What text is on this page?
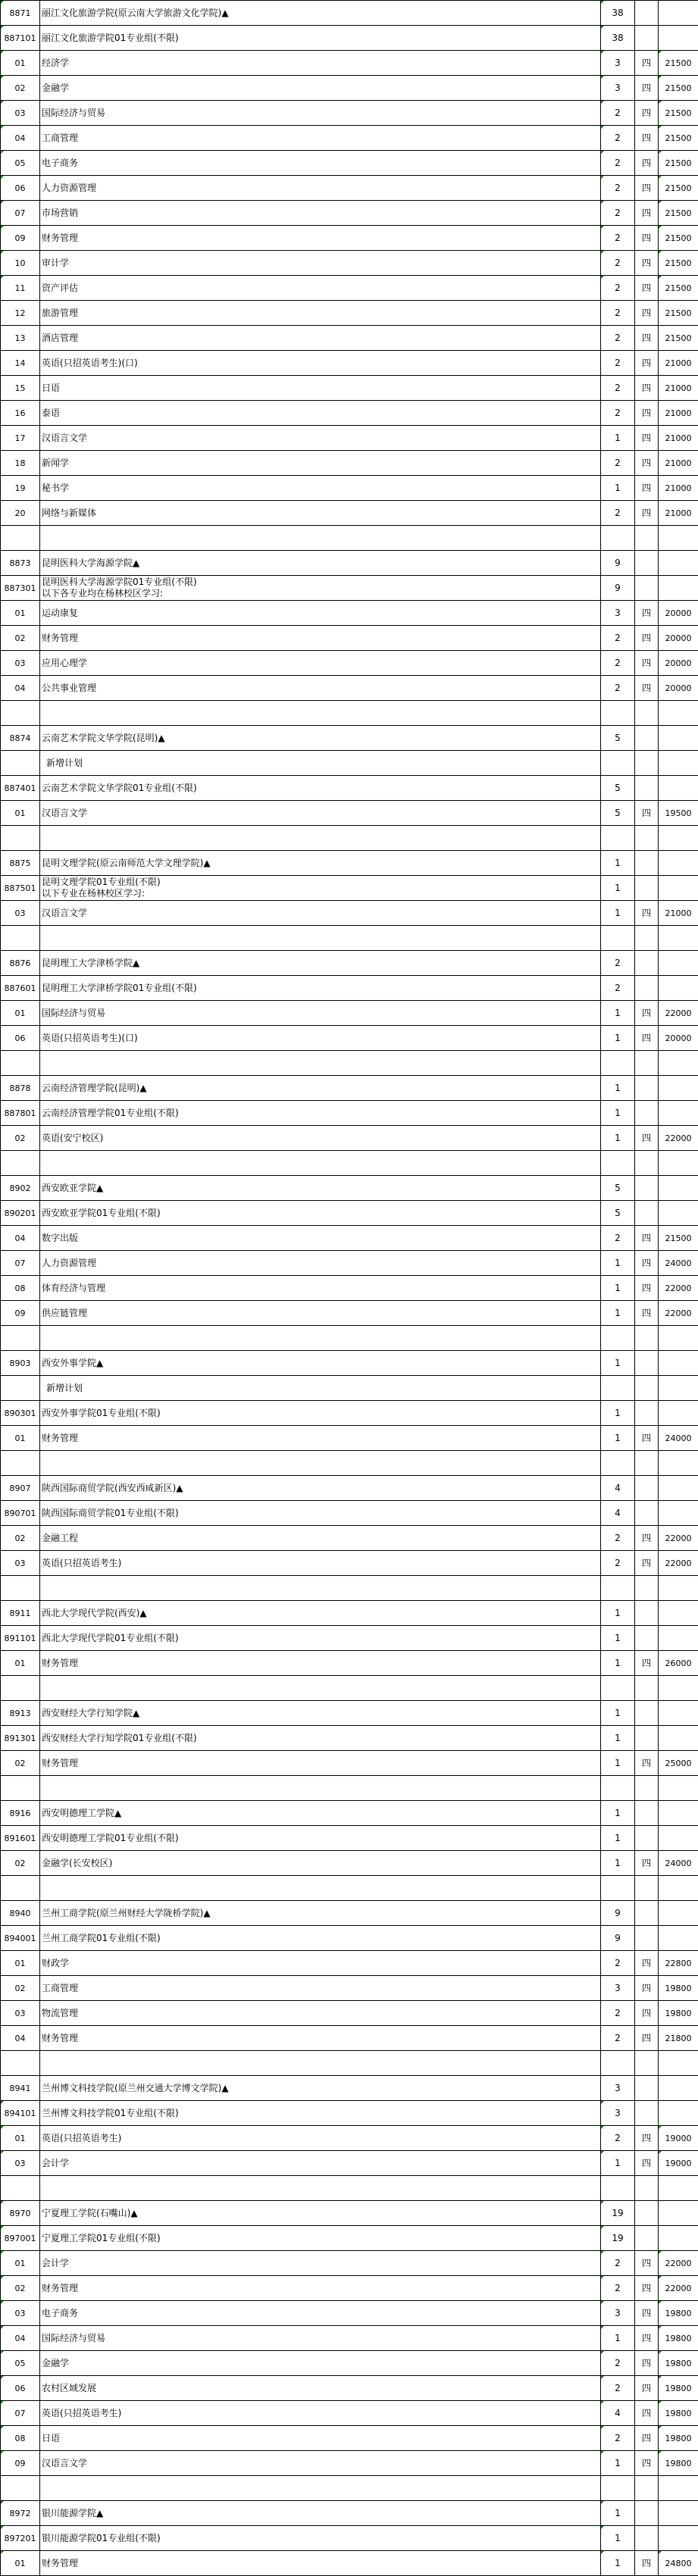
8871	丽江文化旅游学院(原云南大学旅游文化学院)▲	38		
887101	丽江文化旅游学院01专业组(不限)	38		
01	经济学	3	四	21500
02	金融学	3	四	21500
03	国际经济与贸易	2	四	21500
04	工商管理	2	四	21500
05	电子商务	2	四	21500
06	人力资源管理	2	四	21500
07	市场营销	2	四	21500
09	财务管理	2	四	21500
10	审计学	2	四	21500
11	资产评估	2	四	21500
12	旅游管理	2	四	21500
13	酒店管理	2	四	21500
14	英语(只招英语考生)(口)	2	四	21000
15	日语	2	四	21000
16	泰语	2	四	21000
17	汉语言文学	1	四	21000
18	新闻学	2	四	21000
19	秘书学	1	四	21000
20	网络与新媒体	2	四	21000

8873	昆明医科大学海源学院▲	9		
887301	昆明医科大学海源学院01专业组(不限)
以下各专业均在杨林校区学习:	9		
01	运动康复	3	四	20000
02	财务管理	2	四	20000
03	应用心理学	2	四	20000
04	公共事业管理	2	四	20000

8874	云南艺术学院文华学院(昆明)▲	5		
	新增计划			
887401	云南艺术学院文华学院01专业组(不限)	5		
01	汉语言文学	5	四	19500

8875	昆明文理学院(原云南师范大学文理学院)▲	1		
887501	昆明文理学院01专业组(不限)
以下专业在杨林校区学习:	1		
03	汉语言文学	1	四	21000

8876	昆明理工大学津桥学院▲	2		
887601	昆明理工大学津桥学院01专业组(不限)	2		
01	国际经济与贸易	1	四	22000
06	英语(只招英语考生)(口)	1	四	20000

8878	云南经济管理学院(昆明)▲	1		
887801	云南经济管理学院01专业组(不限)	1		
02	英语(安宁校区)	1	四	22000

8902	西安欧亚学院▲	5		
890201	西安欧亚学院01专业组(不限)	5		
04	数字出版	2	四	21500
07	人力资源管理	1	四	24000
08	体育经济与管理	1	四	22000
09	供应链管理	1	四	22000

8903	西安外事学院▲	1		
	新增计划			
890301	西安外事学院01专业组(不限)	1		
01	财务管理	1	四	24000

8907	陕西国际商贸学院(西安西咸新区)▲	4		
890701	陕西国际商贸学院01专业组(不限)	4		
02	金融工程	2	四	22000
03	英语(只招英语考生)	2	四	22000

8911	西北大学现代学院(西安)▲	1		
891101	西北大学现代学院01专业组(不限)	1		
01	财务管理	1	四	26000

8913	西安财经大学行知学院▲	1		
891301	西安财经大学行知学院01专业组(不限)	1		
02	财务管理	1	四	25000

8916	西安明德理工学院▲	1		
891601	西安明德理工学院01专业组(不限)	1		
02	金融学(长安校区)	1	四	24000

8940	兰州工商学院(原兰州财经大学陇桥学院)▲	9		
894001	兰州工商学院01专业组(不限)	9		
01	财政学	2	四	22800
02	工商管理	3	四	19800
03	物流管理	2	四	19800
04	财务管理	2	四	21800

8941	兰州博文科技学院(原兰州交通大学博文学院)▲	3		
894101	兰州博文科技学院01专业组(不限)	3		
01	英语(只招英语考生)	2	四	19000
03	会计学	1	四	19000

8970	宁夏理工学院(石嘴山)▲	19		
897001	宁夏理工学院01专业组(不限)	19		
01	会计学	2	四	22000
02	财务管理	2	四	22000
03	电子商务	3	四	19800
04	国际经济与贸易	1	四	19800
05	金融学	2	四	19800
06	农村区域发展	2	四	19800
07	英语(只招英语考生)	4	四	19800
08	日语	2	四	19800
09	汉语言文学	1	四	19800

8972	银川能源学院▲	1		
897201	银川能源学院01专业组(不限)	1		
01	财务管理	1	四	24800
